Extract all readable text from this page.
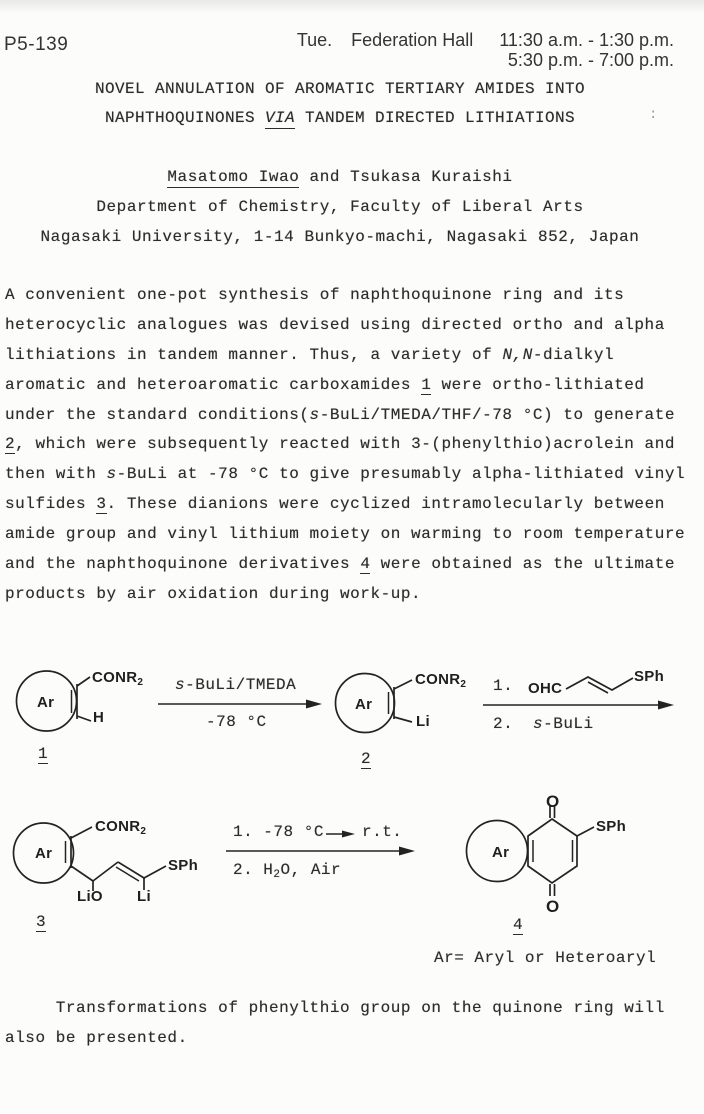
P5-139	Tue. Federation Hall 11:30 a.m. - 1:30 p.m.
5:30 p.m. - 7:00 p.m.
NOVEL ANNULATION OF AROMATIC TERTIARY AMIDES INTO
NAPHTHOQUINONES VIA TANDEM DIRECTED LITHIATIONS	:
Masatomo Iwao and Tsukasa Kuraishi
Department of Chemistry, Faculty of Liberal Arts
Nagasaki University, 1-14 Bunkyo-machi, Nagasaki 852, Japan
A convenient one-pot synthesis of naphthoquinone ring and its
heterocyclic analogues was devised using directed ortho and alpha
lithiations in tandem manner. Thus, a variety of N,N-dialkyl
aromatic and heteroaromatic carboxamides 1 were ortho-lithiated
under the standard conditions(s-BuLi/TMEDA/THF/-78 °C) to generate
2, which were subsequently reacted with 3-(phenylthio)acrolein and
then with s-BuLi at -78 °C to give presumably alpha-lithiated vinyl
sulfides 3. These dianions were cyclized intramolecularly between
amide group and vinyl lithium moiety on warming to room temperature
and the naphthoquinone derivatives 4 were obtained as the ultimate
products by air oxidation during work-up.
Ar
$CONR_2$
H
1
s-BuLi/TMEDA
-78 °C
Ar
$CONR_2$
Li
2
1. OHC
SPh
2. s-BuLi
Ar
$CONR_2$
LiO Li
SPh
3
1. -78 °C r.t.
2. H2O, Air
Ar
O
O
SPh
4
Ar= Aryl or Heteroaryl
Transformations of phenylthio group on the quinone ring will
also be presented.
